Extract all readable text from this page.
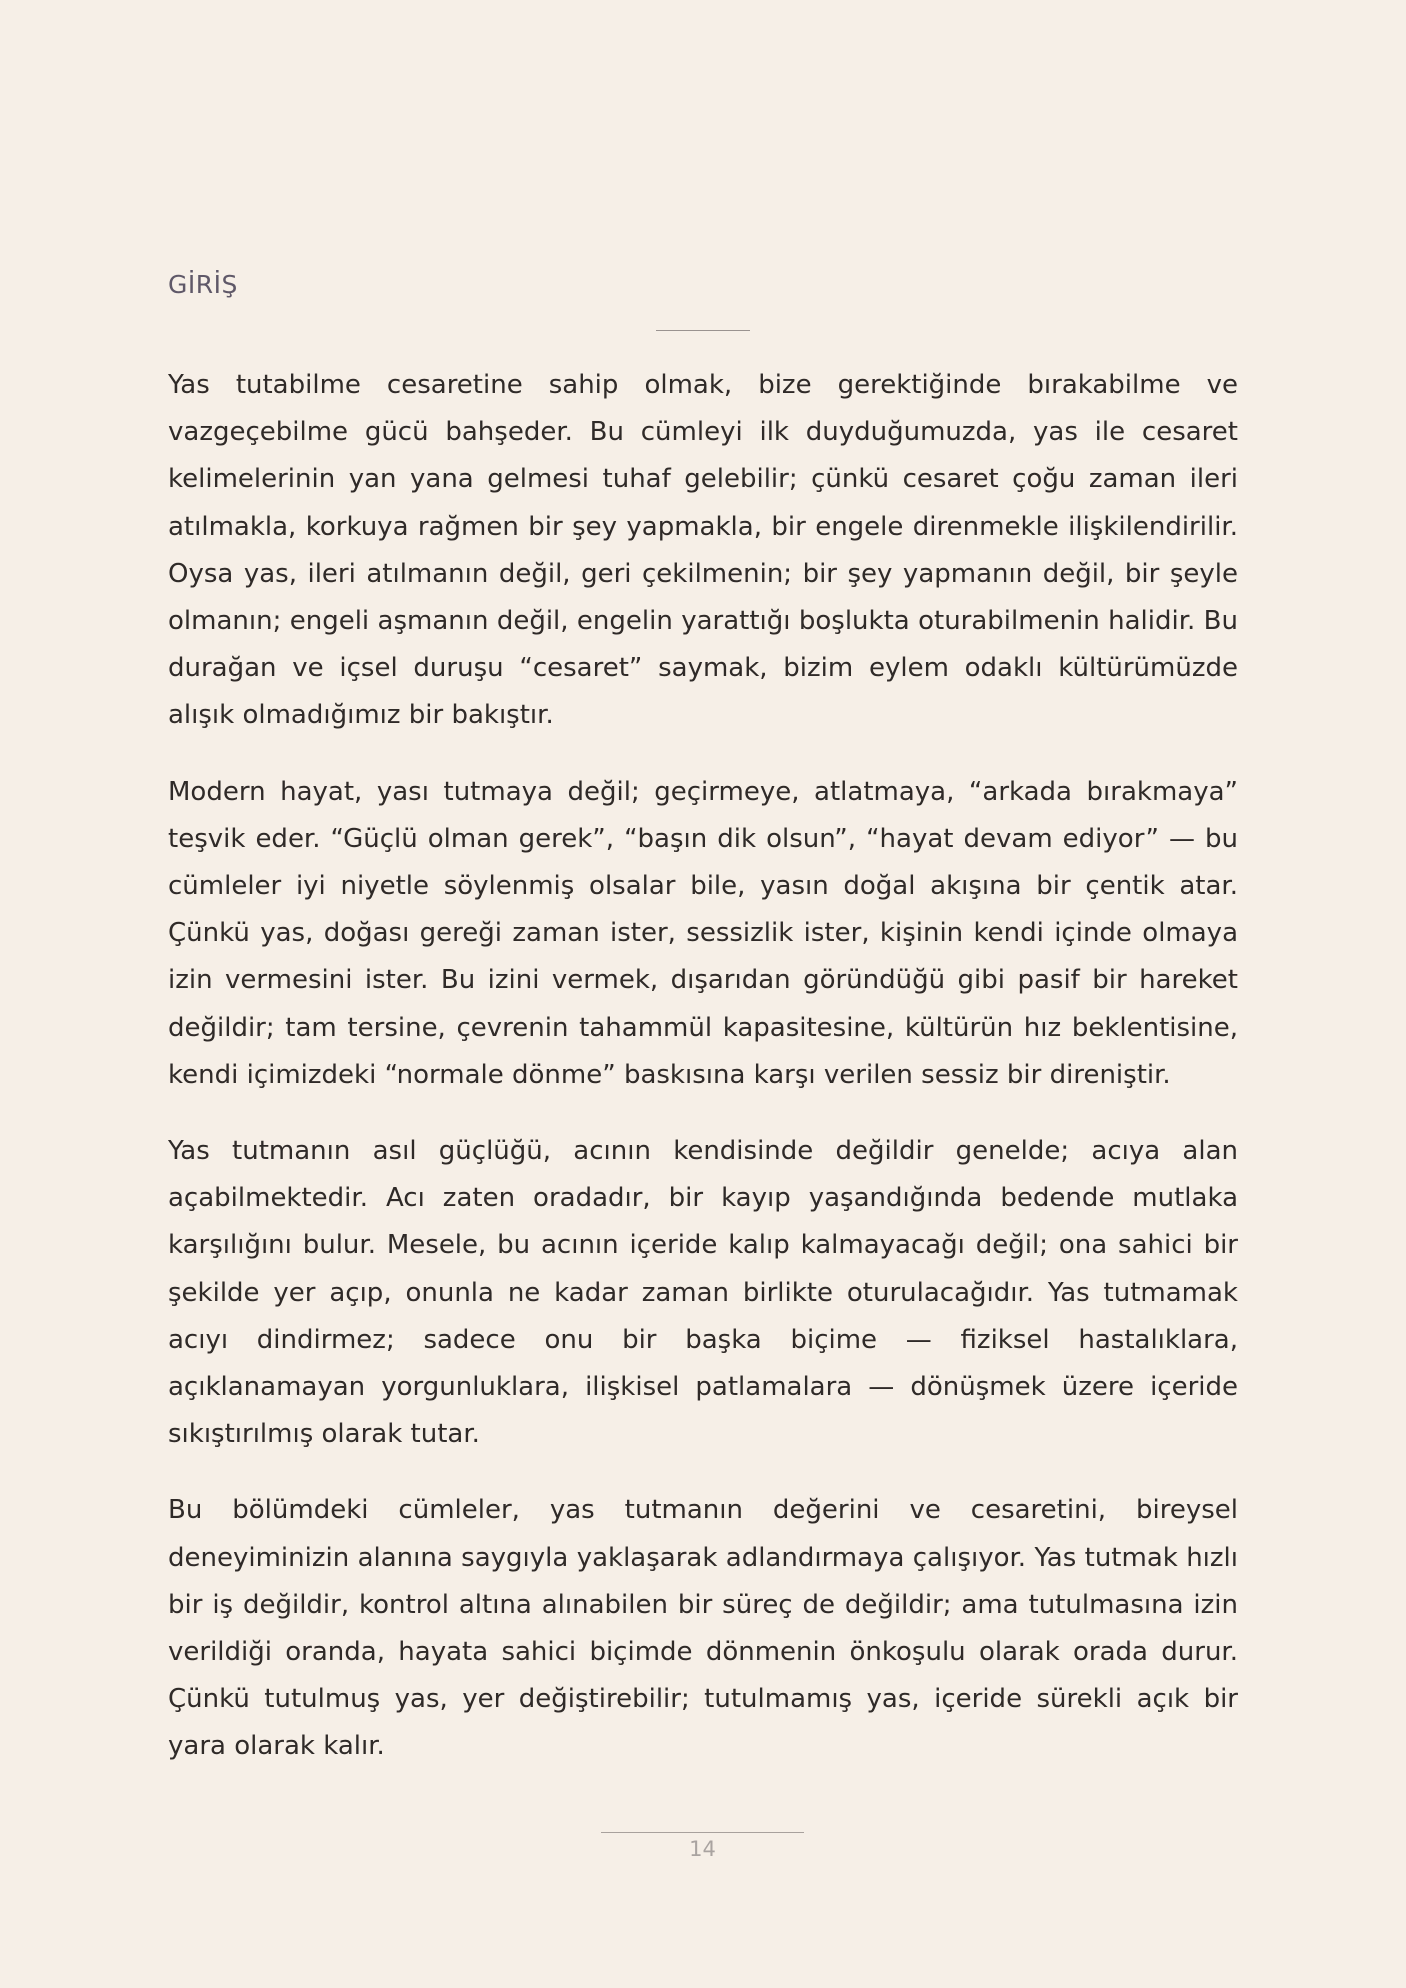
GİRİŞ

Yas tutabilme cesaretine sahip olmak, bize gerektiğinde bırakabilme ve vazgeçebilme gücü bahşeder. Bu cümleyi ilk duyduğumuzda, yas ile cesaret kelimelerinin yan yana gelmesi tuhaf gelebilir; çünkü cesaret çoğu zaman ileri atılmakla, korkuya rağmen bir şey yapmakla, bir engele direnmekle ilişkilendirilir. Oysa yas, ileri atılmanın değil, geri çekilmenin; bir şey yapmanın değil, bir şeyle olmanın; engeli aşmanın değil, engelin yarattığı boşlukta oturabilmenin halidir. Bu durağan ve içsel duruşu “cesaret” saymak, bizim eylem odaklı kültürümüzde alışık olmadığımız bir bakıştır.

Modern hayat, yası tutmaya değil; geçirmeye, atlatmaya, “arkada bırakmaya” teşvik eder. “Güçlü olman gerek”, “başın dik olsun”, “hayat devam ediyor” — bu cümleler iyi niyetle söylenmiş olsalar bile, yasın doğal akışına bir çentik atar. Çünkü yas, doğası gereği zaman ister, sessizlik ister, kişinin kendi içinde olmaya izin vermesini ister. Bu izini vermek, dışarıdan göründüğü gibi pasif bir hareket değildir; tam tersine, çevrenin tahammül kapasitesine, kültürün hız beklentisine, kendi içimizdeki “normale dönme” baskısına karşı verilen sessiz bir direniştir.

Yas tutmanın asıl güçlüğü, acının kendisinde değildir genelde; acıya alan açabilmektedir. Acı zaten oradadır, bir kayıp yaşandığında bedende mutlaka karşılığını bulur. Mesele, bu acının içeride kalıp kalmayacağı değil; ona sahici bir şekilde yer açıp, onunla ne kadar zaman birlikte oturulacağıdır. Yas tutmamak acıyı dindirmez; sadece onu bir başka biçime — fiziksel hastalıklara, açıklanamayan yorgunluklara, ilişkisel patlamalara — dönüşmek üzere içeride sıkıştırılmış olarak tutar.

Bu bölümdeki cümleler, yas tutmanın değerini ve cesaretini, bireysel deneyiminizin alanına saygıyla yaklaşarak adlandırmaya çalışıyor. Yas tutmak hızlı bir iş değildir, kontrol altına alınabilen bir süreç de değildir; ama tutulmasına izin verildiği oranda, hayata sahici biçimde dönmenin önkoşulu olarak orada durur. Çünkü tutulmuş yas, yer değiştirebilir; tutulmamış yas, içeride sürekli açık bir yara olarak kalır.

14
